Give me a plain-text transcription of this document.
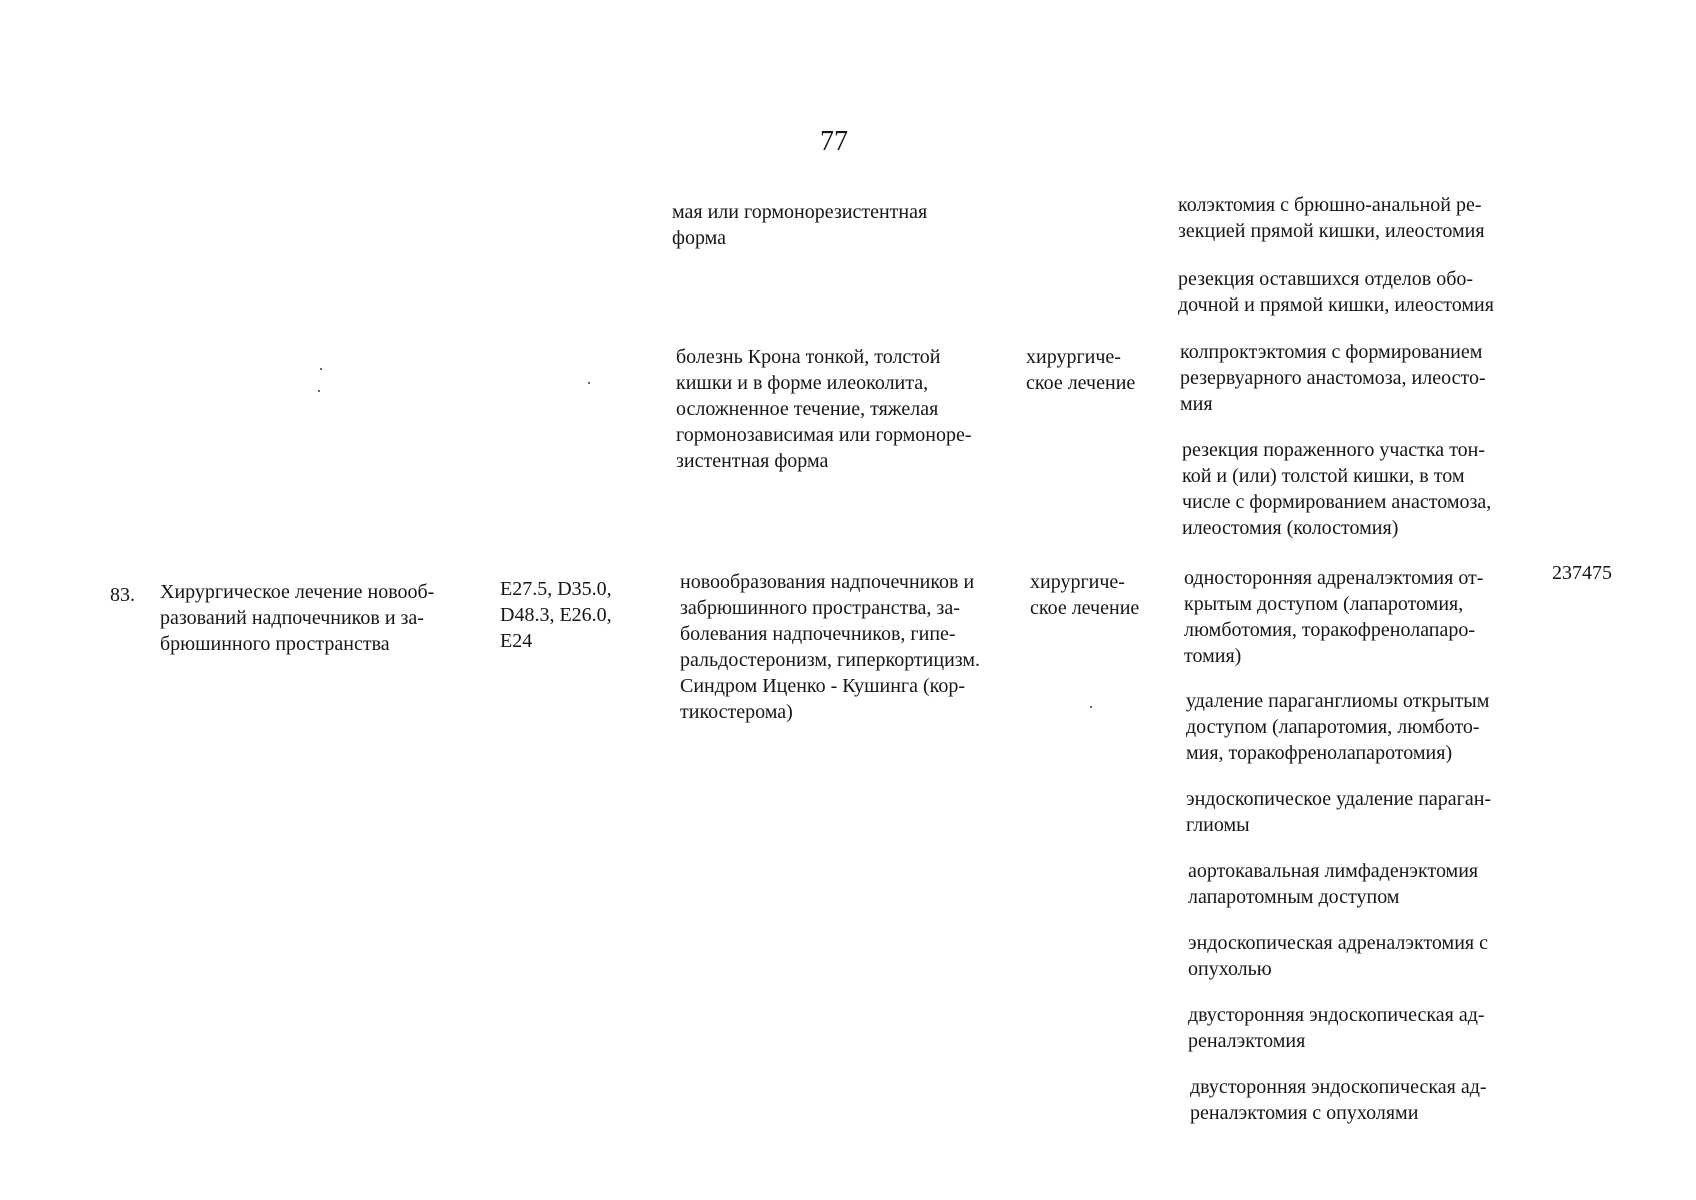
77
мая или гормонорезистентная
форма
колэктомия с брюшно-анальной ре-
зекцией прямой кишки, илеостомия
резекция оставшихся отделов обо-
дочной и прямой кишки, илеостомия
болезнь Крона тонкой, толстой
кишки и в форме илеоколита,
осложненное течение, тяжелая
гормонозависимая или гормоноре-
зистентная форма
хирургиче-
ское лечение
колпроктэктомия с формированием
резервуарного анастомоза, илеосто-
мия
резекция пораженного участка тон-
кой и (или) толстой кишки, в том
числе с формированием анастомоза,
илеостомия (колостомия)
83. Хирургическое лечение новооб-
разований надпочечников и за-
брюшинного пространства
E27.5, D35.0,
D48.3, E26.0,
E24
новообразования надпочечников и
забрюшинного пространства, за-
болевания надпочечников, гипе-
ральдостеронизм, гиперкортицизм.
Синдром Иценко - Кушинга (кор-
тикостерома)
хирургиче-
ское лечение
237475
односторонняя адреналэктомия от-
крытым доступом (лапаротомия,
люмботомия, торакофренолапаро-
томия)
удаление параганглиомы открытым
доступом (лапаротомия, люмбото-
мия, торакофренолапаротомия)
эндоскопическое удаление параган-
глиомы
аортокавальная лимфаденэктомия
лапаротомным доступом
эндоскопическая адреналэктомия с
опухолью
двусторонняя эндоскопическая ад-
реналэктомия
двусторонняя эндоскопическая ад-
реналэктомия с опухолями
